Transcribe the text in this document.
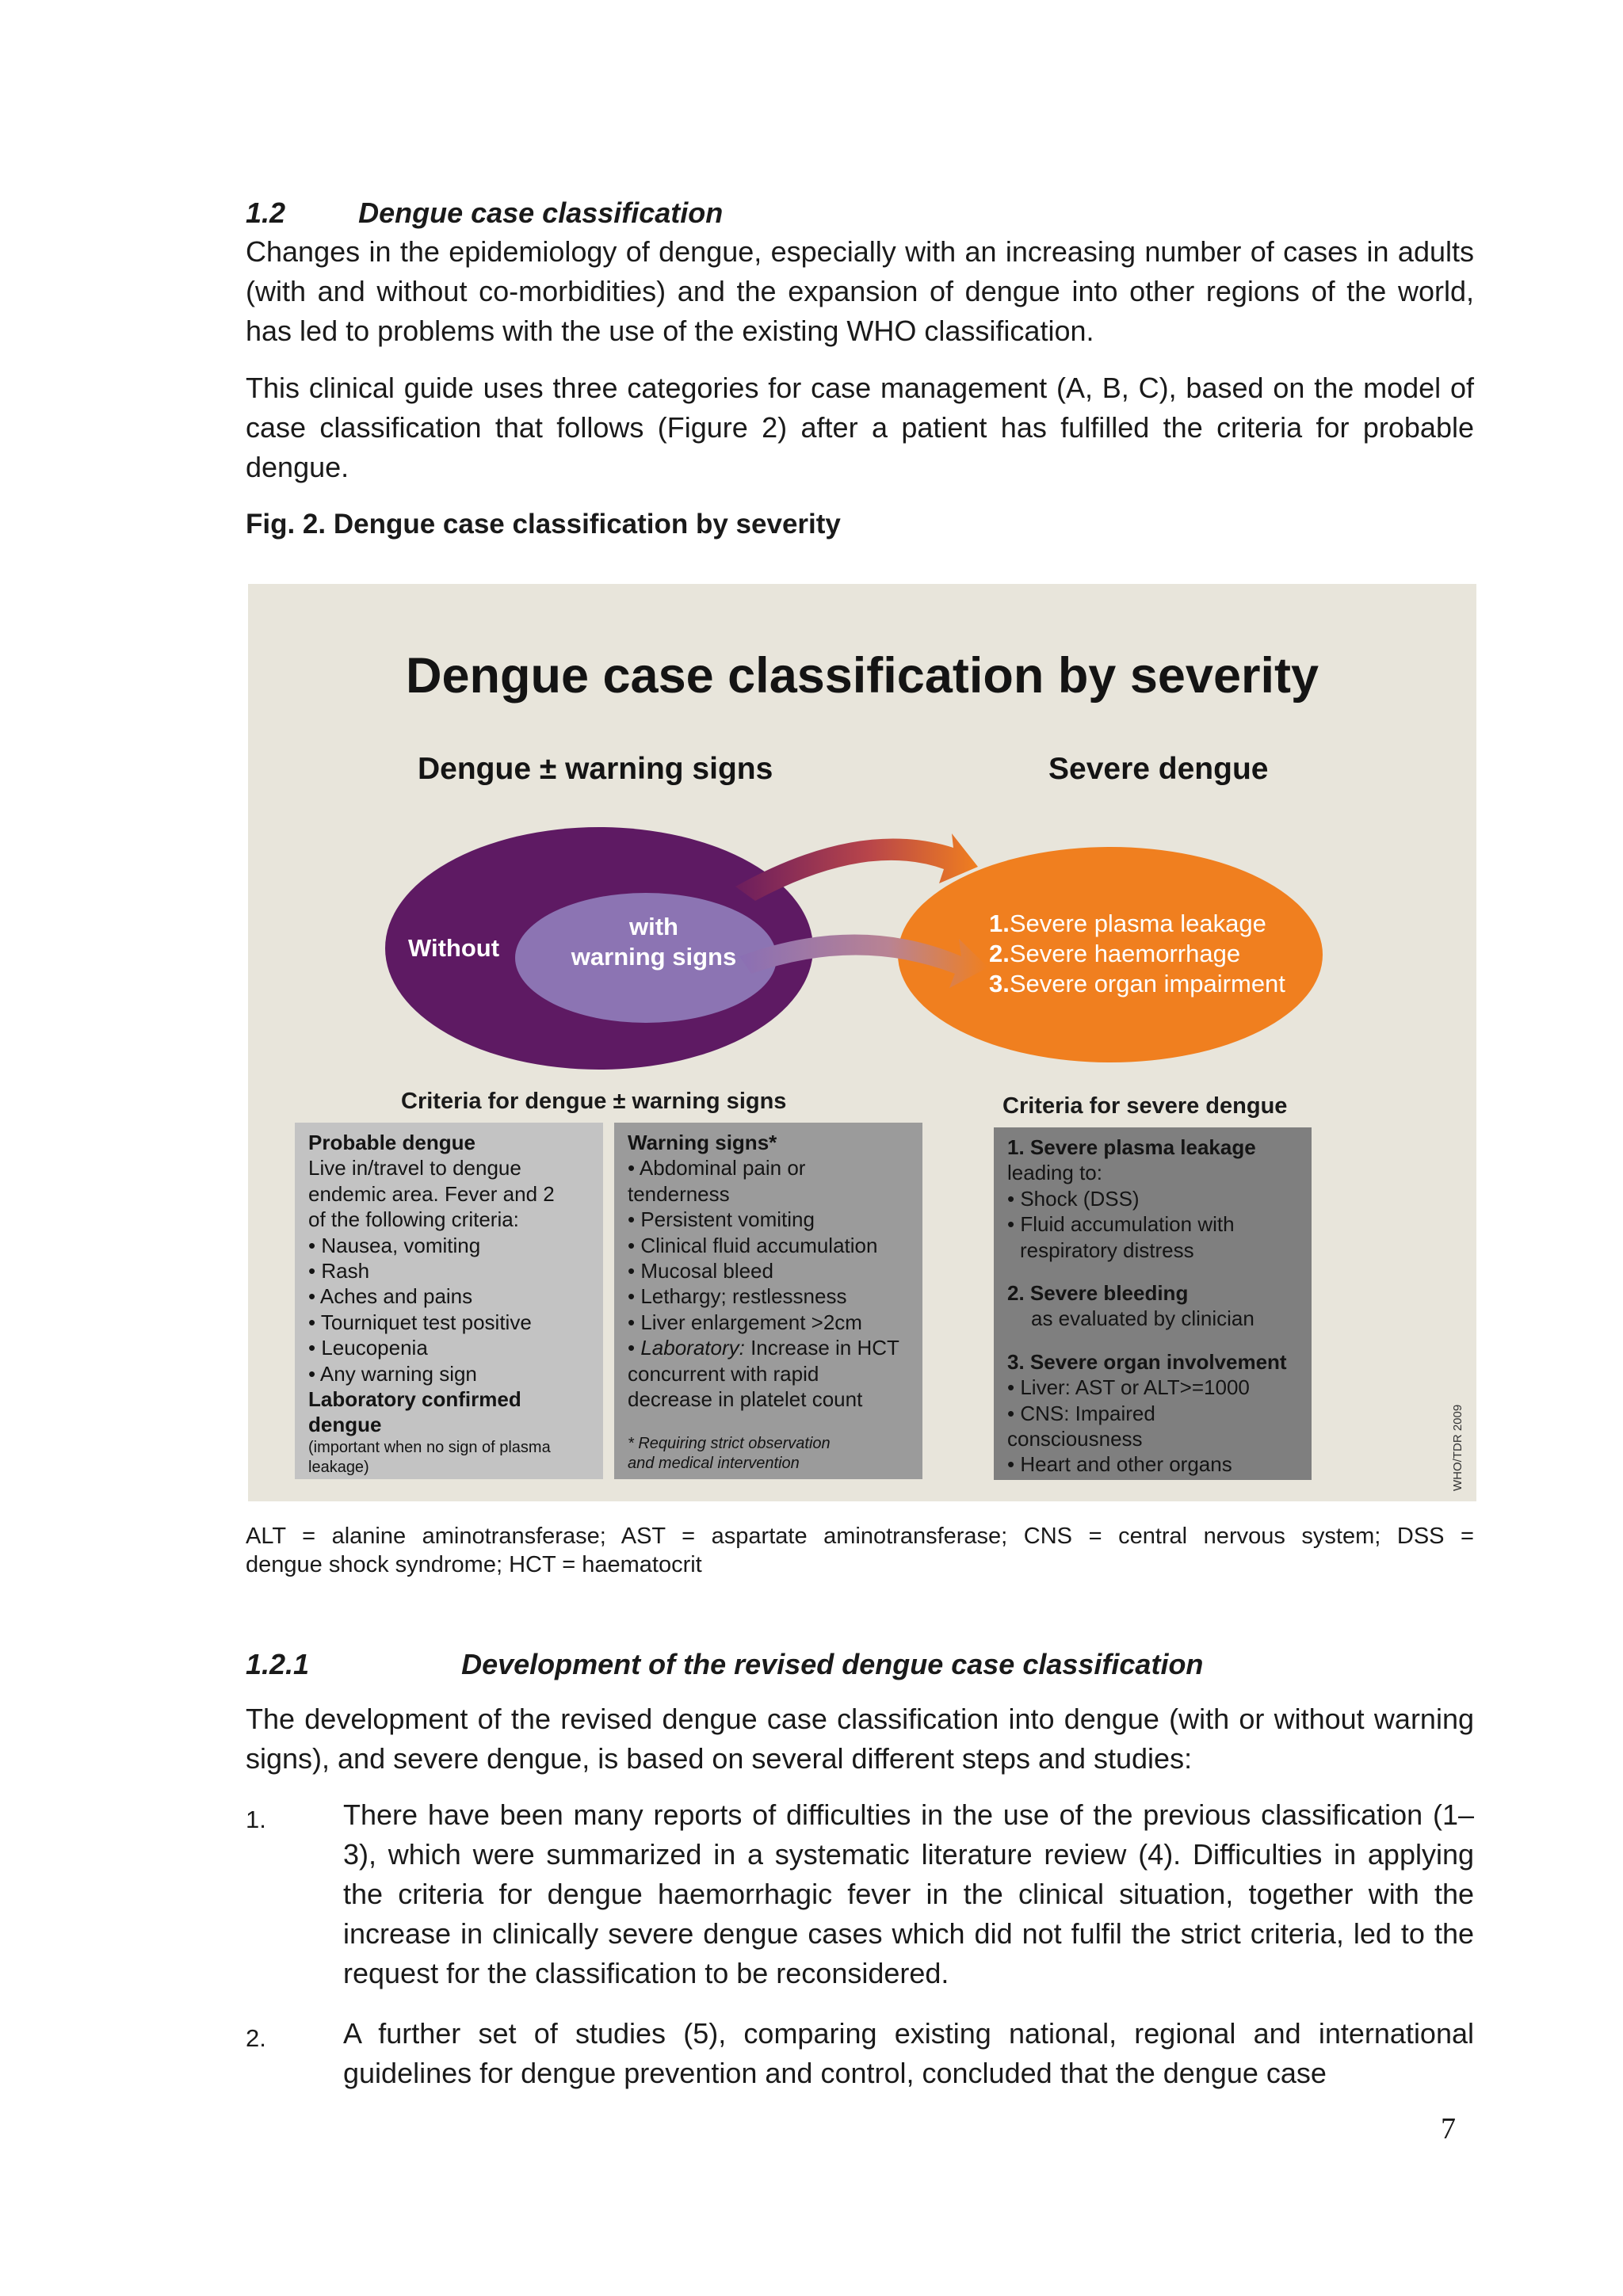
1.2	Dengue case classification
Changes in the epidemiology of dengue, especially with an increasing number of cases in adults (with and without co-morbidities) and the expansion of dengue into other regions of the world, has led to problems with the use of the existing WHO classification.
This clinical guide uses three categories for case management (A, B, C), based on the model of case classification that follows (Figure 2) after a patient has fulfilled the criteria for probable dengue.
Fig. 2. Dengue case classification by severity
Dengue case classification by severity
Dengue ± warning signs	Severe dengue
Without
with
warning signs
1.Severe plasma leakage
2.Severe haemorrhage
3.Severe organ impairment
Criteria for dengue ± warning signs	Criteria for severe dengue
Probable dengue
Live in/travel to dengue
endemic area. Fever and 2
of the following criteria:
• Nausea, vomiting
• Rash
• Aches and pains
• Tourniquet test positive
• Leucopenia
• Any warning sign
Laboratory confirmed
dengue
(important when no sign of plasma
leakage)
Warning signs*
• Abdominal pain or
tenderness
• Persistent vomiting
• Clinical fluid accumulation
• Mucosal bleed
• Lethargy; restlessness
• Liver enlargement >2cm
• Laboratory: Increase in HCT
concurrent with rapid
decrease in platelet count
* Requiring strict observation
and medical intervention
1. Severe plasma leakage
leading to:
• Shock (DSS)
• Fluid accumulation with
respiratory distress
2. Severe bleeding
as evaluated by clinician
3. Severe organ involvement
• Liver: AST or ALT>=1000
• CNS: Impaired
consciousness
• Heart and other organs	WHO/TDR 2009
ALT = alanine aminotransferase; AST = aspartate aminotransferase; CNS = central nervous system; DSS =
dengue shock syndrome; HCT = haematocrit
1.2.1	Development of the revised dengue case classification
The development of the revised dengue case classification into dengue (with or without warning signs), and severe dengue, is based on several different steps and studies:
1.	There have been many reports of difficulties in the use of the previous classification (1–3), which were summarized in a systematic literature review (4). Difficulties in applying the criteria for dengue haemorrhagic fever in the clinical situation, together with the increase in clinically severe dengue cases which did not fulfil the strict criteria, led to the request for the classification to be reconsidered.
2.	A further set of studies (5), comparing existing national, regional and international guidelines for dengue prevention and control, concluded that the dengue case
7
